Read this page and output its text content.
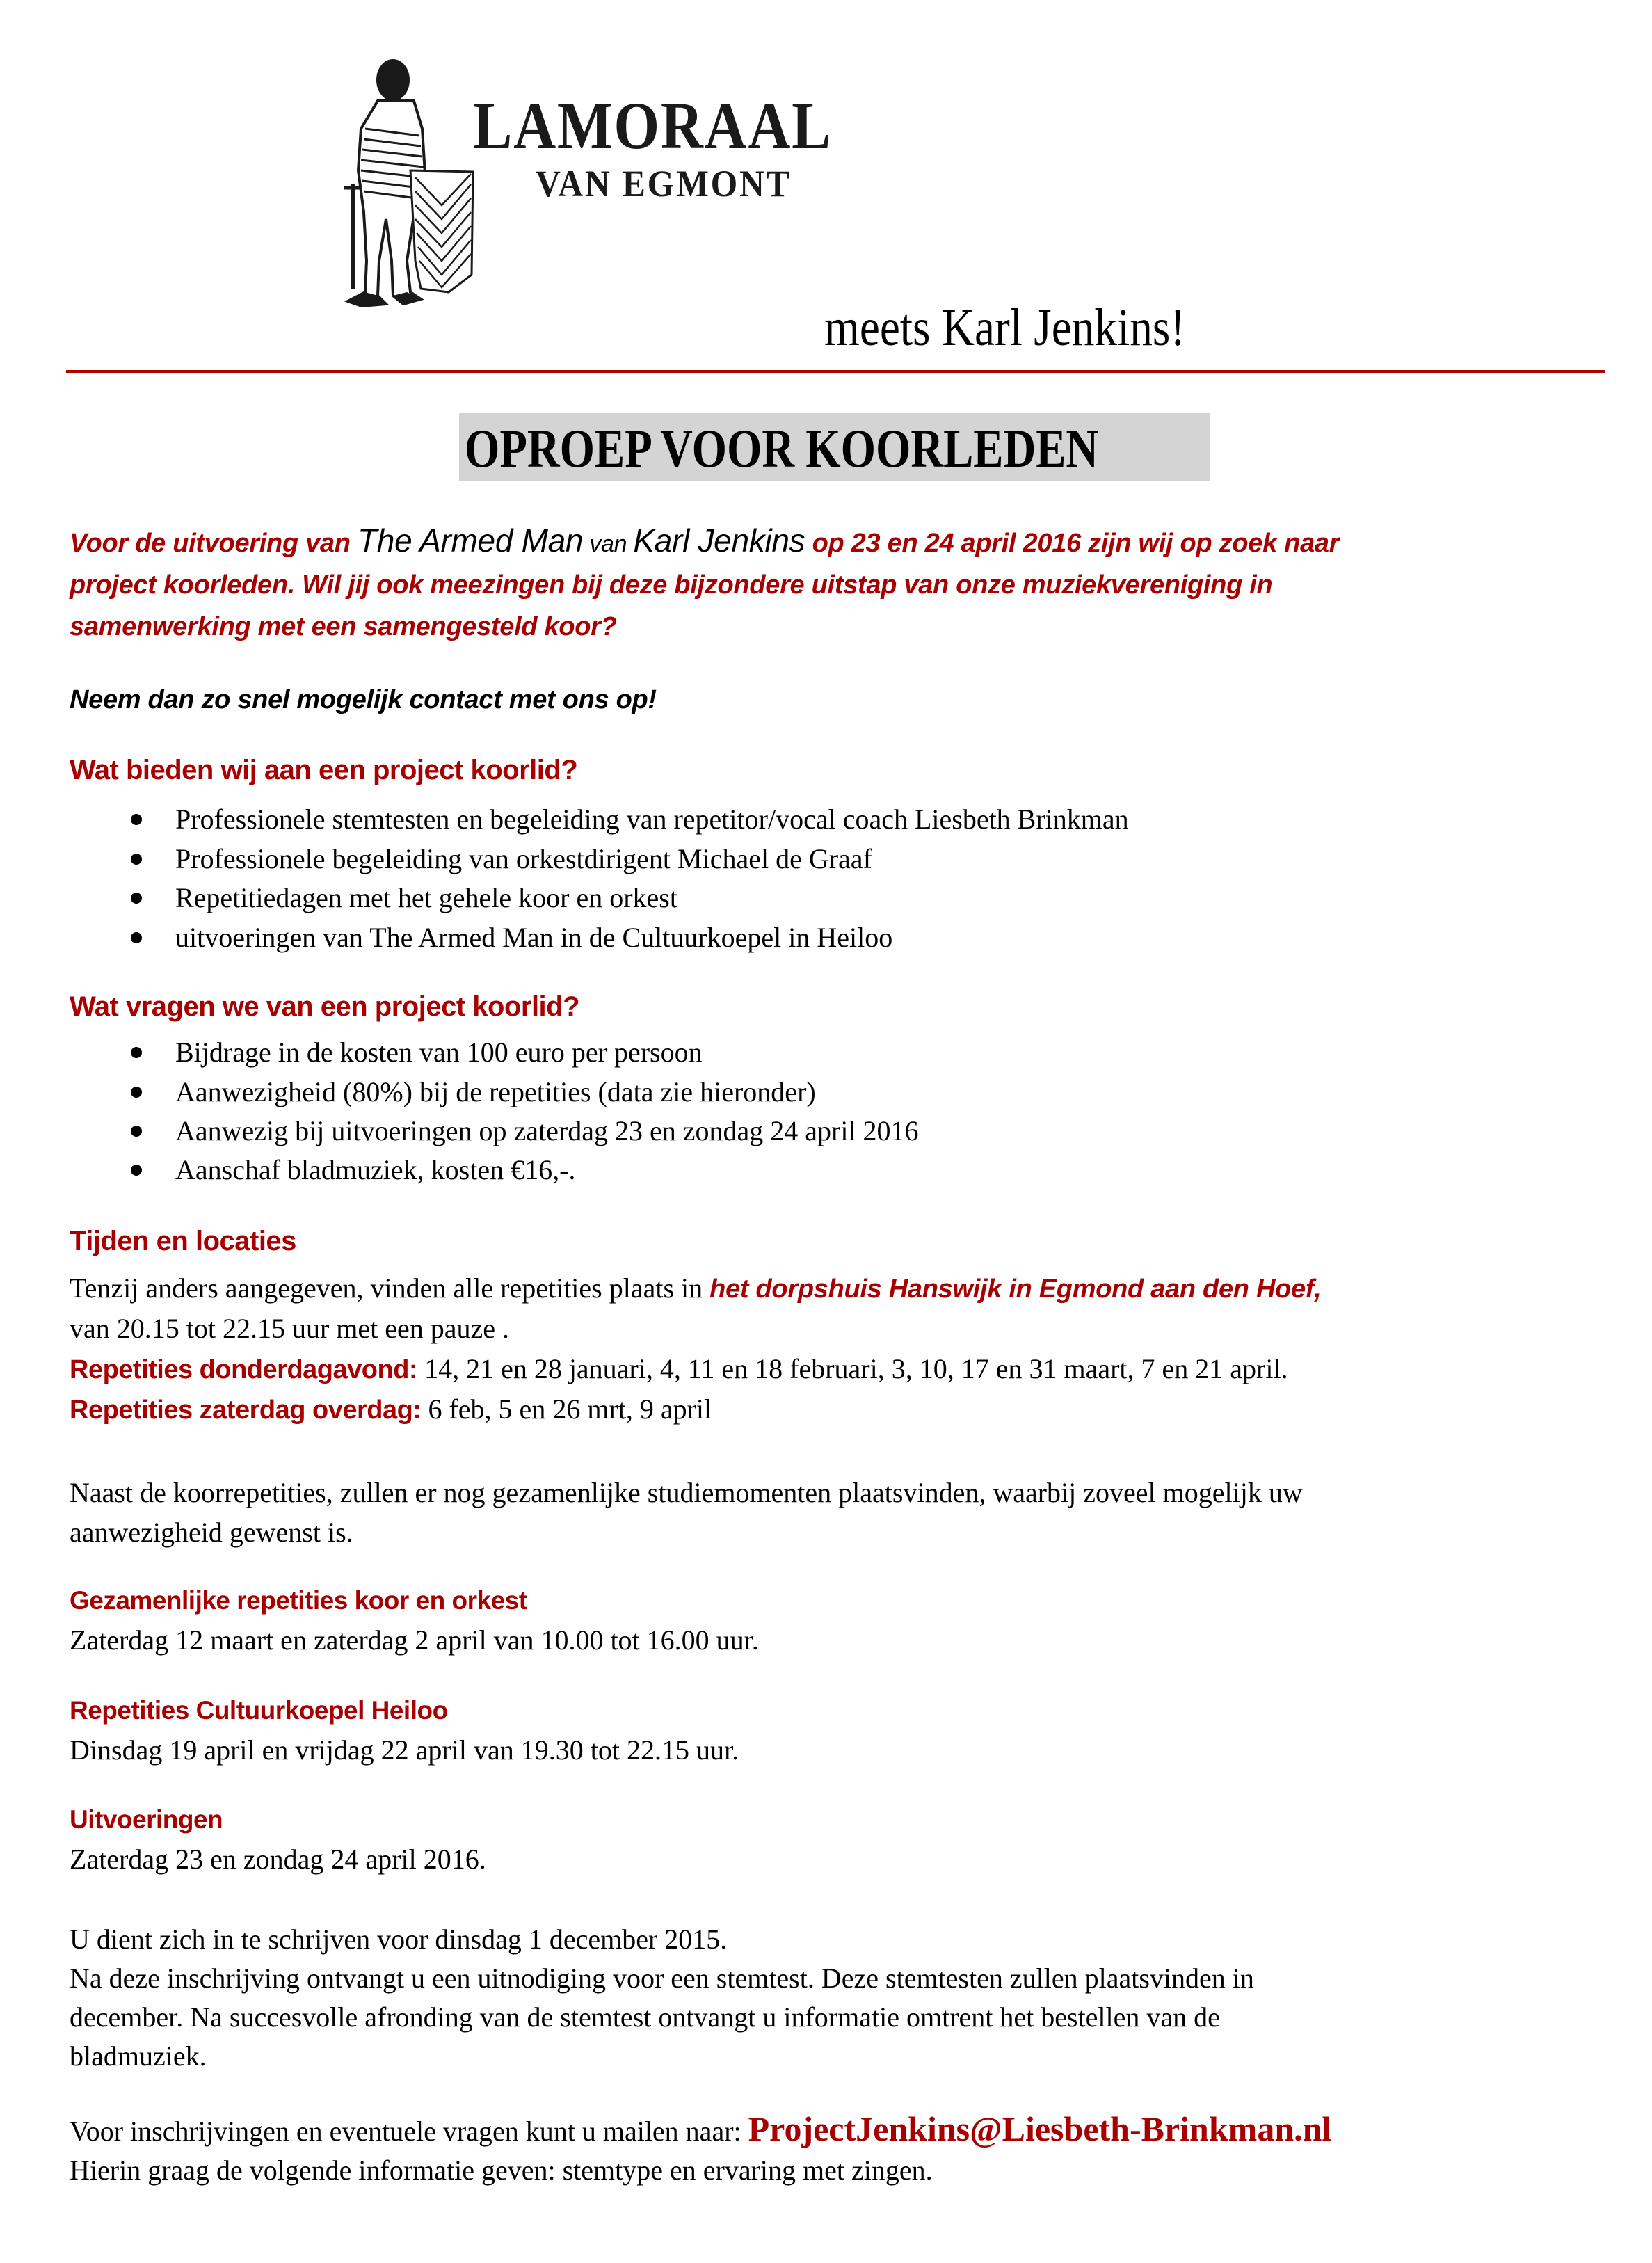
LAMORAAL
VAN EGMONT
meets Karl Jenkins!
OPROEP VOOR KOORLEDEN
Voor de uitvoering van The Armed Man van Karl Jenkins op 23 en 24 april 2016 zijn wij op zoek naar
project koorleden. Wil jij ook meezingen bij deze bijzondere uitstap van onze muziekvereniging in
samenwerking met een samengesteld koor?
Neem dan zo snel mogelijk contact met ons op!
Wat bieden wij aan een project koorlid?
Professionele stemtesten en begeleiding van repetitor/vocal coach Liesbeth Brinkman
Professionele begeleiding van orkestdirigent Michael de Graaf
Repetitiedagen met het gehele koor en orkest
uitvoeringen van The Armed Man in de Cultuurkoepel in Heiloo
Wat vragen we van een project koorlid?
Bijdrage in de kosten van 100 euro per persoon
Aanwezigheid (80%) bij de repetities (data zie hieronder)
Aanwezig bij uitvoeringen op zaterdag 23 en zondag 24 april 2016
Aanschaf bladmuziek, kosten €16,-.
Tijden en locaties
Tenzij anders aangegeven, vinden alle repetities plaats in het dorpshuis Hanswijk in Egmond aan den Hoef,
van 20.15 tot 22.15 uur met een pauze .
Repetities donderdagavond: 14, 21 en 28 januari, 4, 11 en 18 februari, 3, 10, 17 en 31 maart, 7 en 21 april.
Repetities zaterdag overdag: 6 feb, 5 en 26 mrt, 9 april
Naast de koorrepetities, zullen er nog gezamenlijke studiemomenten plaatsvinden, waarbij zoveel mogelijk uw
aanwezigheid gewenst is.
Gezamenlijke repetities koor en orkest
Zaterdag 12 maart en zaterdag 2 april van 10.00 tot 16.00 uur.
Repetities Cultuurkoepel Heiloo
Dinsdag 19 april en vrijdag 22 april van 19.30 tot 22.15 uur.
Uitvoeringen
Zaterdag 23 en zondag 24 april 2016.
U dient zich in te schrijven voor dinsdag 1 december 2015.
Na deze inschrijving ontvangt u een uitnodiging voor een stemtest. Deze stemtesten zullen plaatsvinden in
december. Na succesvolle afronding van de stemtest ontvangt u informatie omtrent het bestellen van de
bladmuziek.
Voor inschrijvingen en eventuele vragen kunt u mailen naar: ProjectJenkins@Liesbeth-Brinkman.nl
Hierin graag de volgende informatie geven: stemtype en ervaring met zingen.
